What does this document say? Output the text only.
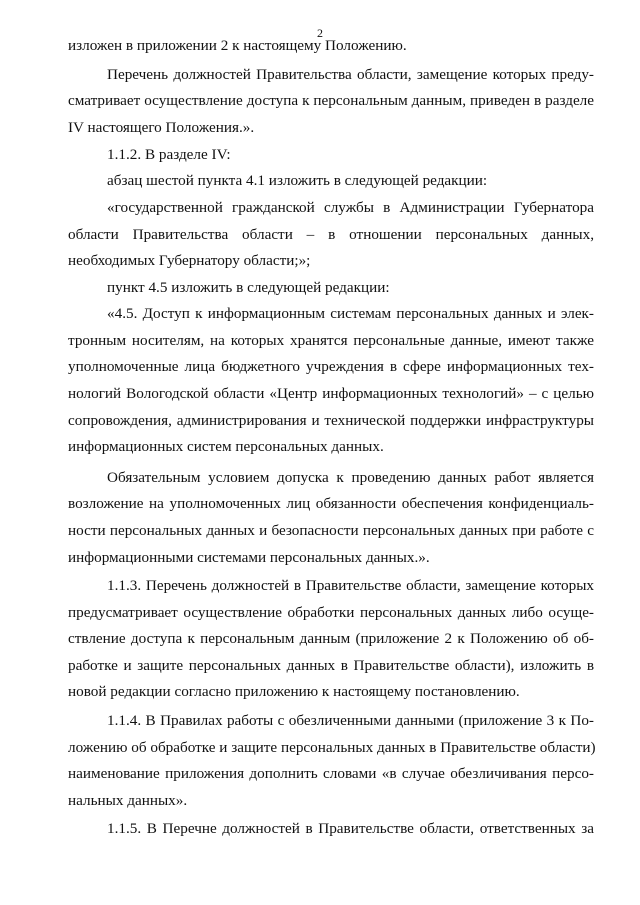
2

изложен в приложении 2 к настоящему Положению.

Перечень должностей Правительства области, замещение которых преду-

сматривает осуществление доступа к персональным данным, приведен в разделе

IV настоящего Положения.».

1.1.2. В разделе IV:

абзац шестой пункта 4.1 изложить в следующей редакции:

«государственной гражданской службы в Администрации Губернатора

области Правительства области – в отношении персональных данных,

необходимых Губернатору области;»;

пункт 4.5 изложить в следующей редакции:

«4.5. Доступ к информационным системам персональных данных и элек-

тронным носителям, на которых хранятся персональные данные, имеют также

уполномоченные лица бюджетного учреждения в сфере информационных тех-

нологий Вологодской области «Центр информационных технологий» – с целью

сопровождения, администрирования и технической поддержки инфраструктуры

информационных систем персональных данных.

Обязательным условием допуска к проведению данных работ является

возложение на уполномоченных лиц обязанности обеспечения конфиденциаль-

ности персональных данных и безопасности персональных данных при работе с

информационными системами персональных данных.».

1.1.3. Перечень должностей в Правительстве области, замещение которых

предусматривает осуществление обработки персональных данных либо осуще-

ствление доступа к персональным данным (приложение 2 к Положению об об-

работке и защите персональных данных в Правительстве области), изложить в

новой редакции согласно приложению к настоящему постановлению.

1.1.4. В Правилах работы с обезличенными данными (приложение 3 к По-

ложению об обработке и защите персональных данных в Правительстве области)

наименование приложения дополнить словами «в случае обезличивания персо-

нальных данных».

1.1.5. В Перечне должностей в Правительстве области, ответственных за
